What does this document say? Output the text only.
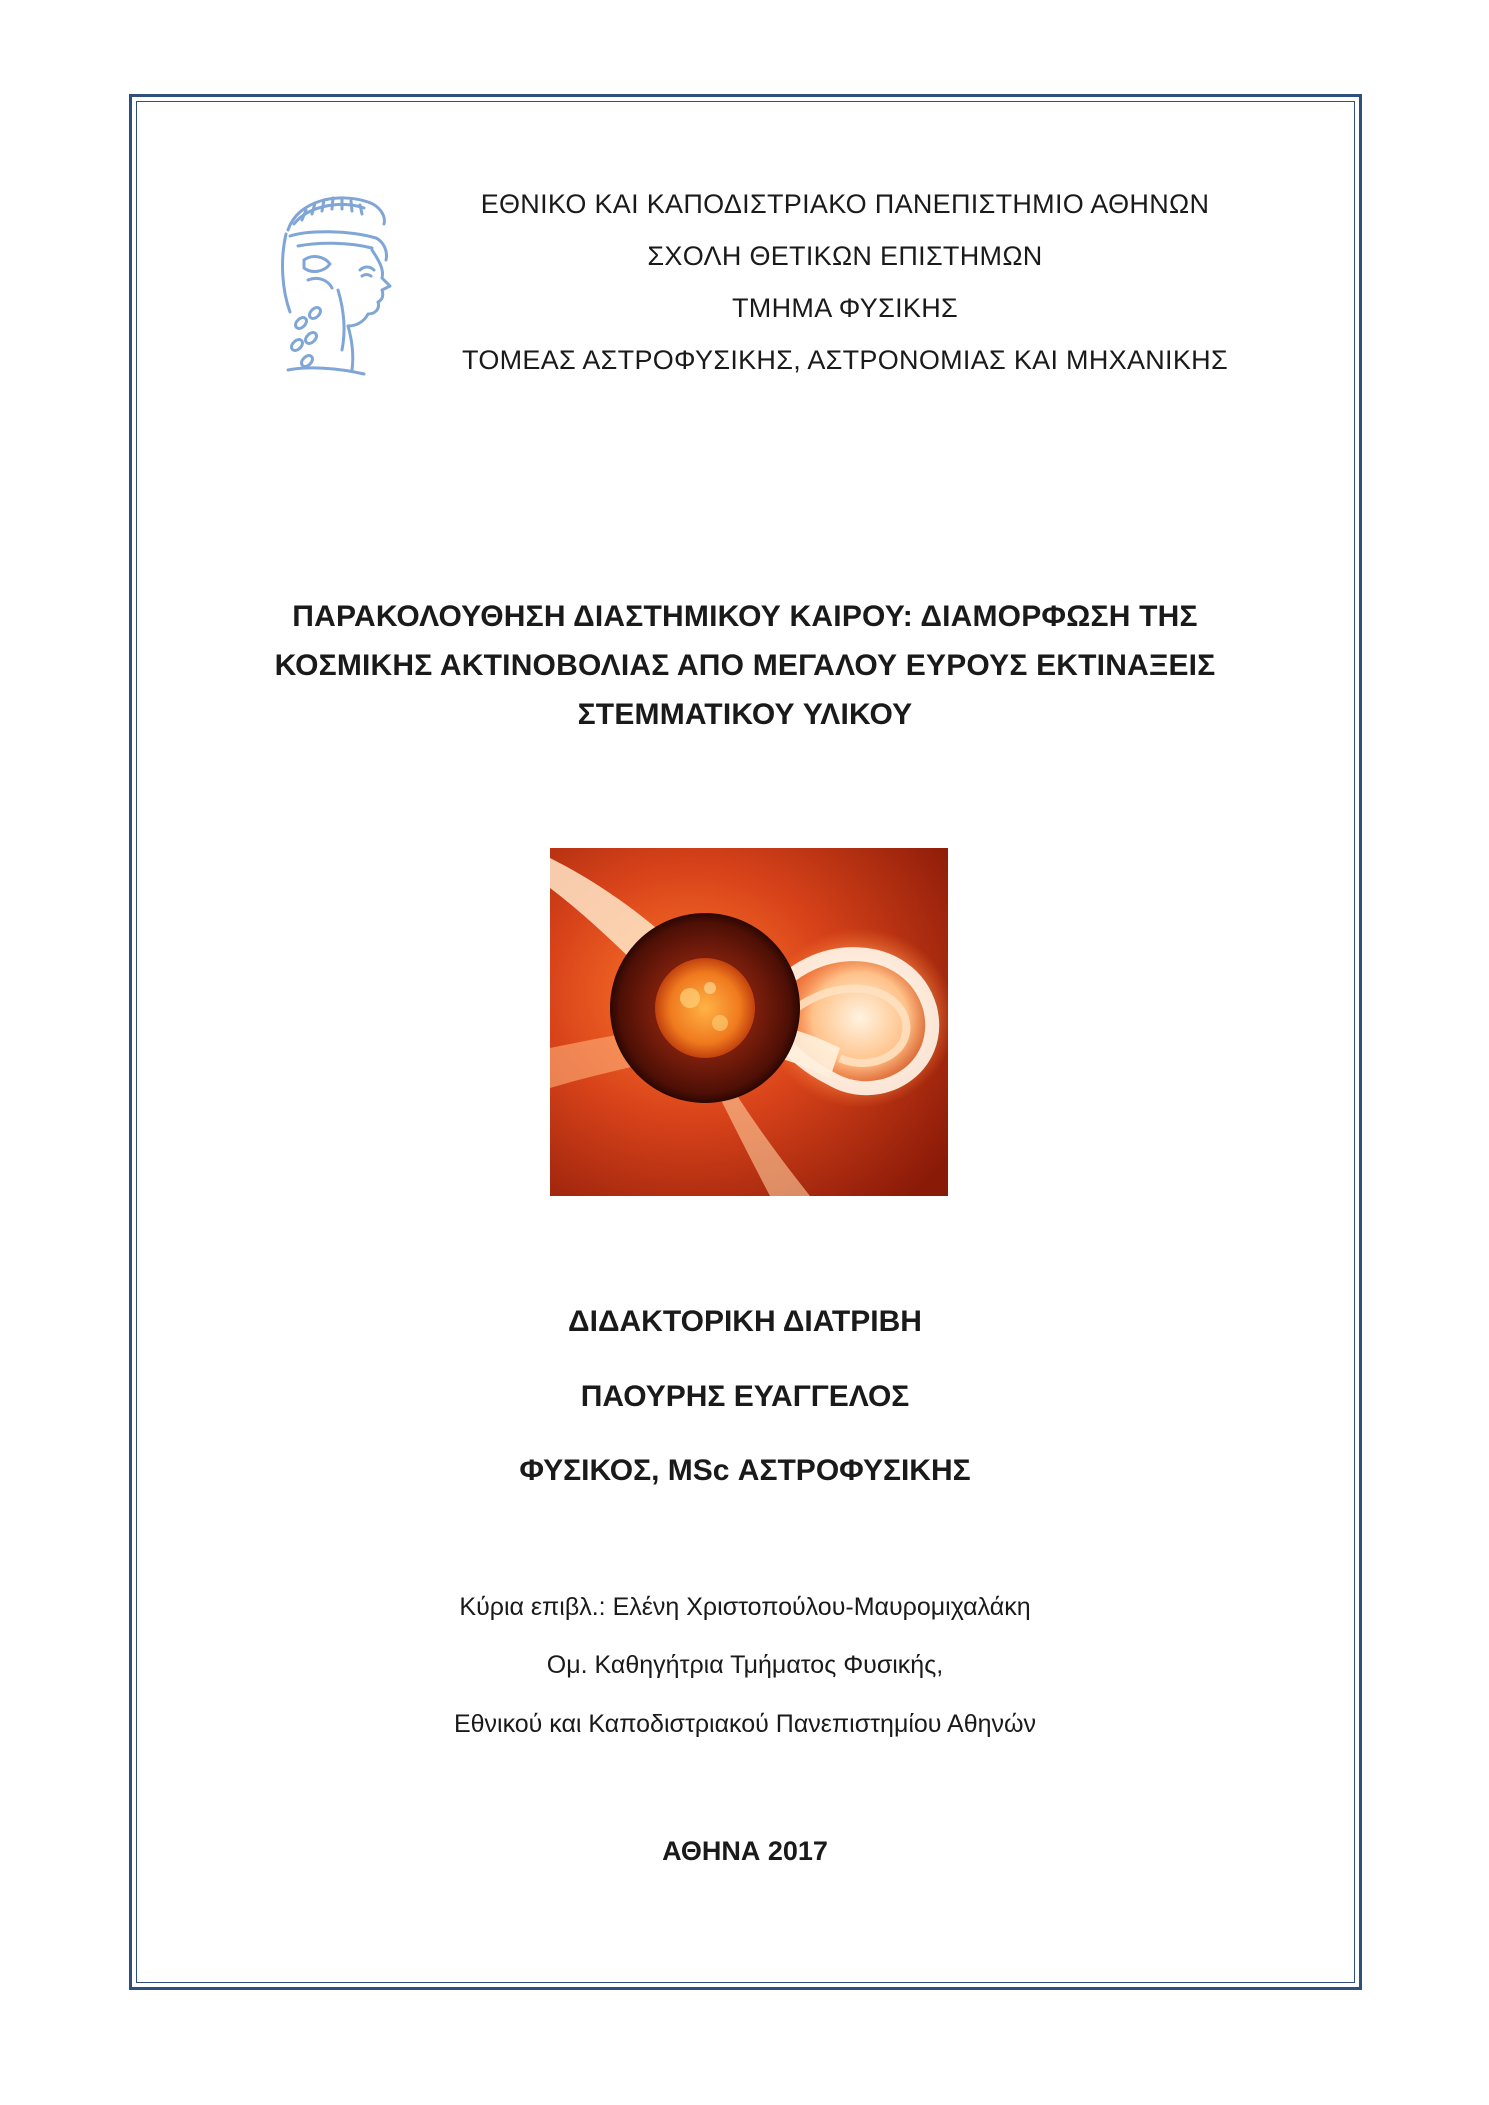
ΕΘΝΙΚΟ ΚΑΙ ΚΑΠΟΔΙΣΤΡΙΑΚΟ ΠΑΝΕΠΙΣΤΗΜΙΟ ΑΘΗΝΩΝ
ΣΧΟΛΗ ΘΕΤΙΚΩΝ ΕΠΙΣΤΗΜΩΝ
ΤΜΗΜΑ ΦΥΣΙΚΗΣ
ΤΟΜΕΑΣ ΑΣΤΡΟΦΥΣΙΚΗΣ, ΑΣΤΡΟΝΟΜΙΑΣ ΚΑΙ ΜΗΧΑΝΙΚΗΣ
ΠΑΡΑΚΟΛΟΥΘΗΣΗ ΔΙΑΣΤΗΜΙΚΟΥ ΚΑΙΡΟΥ: ΔΙΑΜΟΡΦΩΣΗ ΤΗΣ
ΚΟΣΜΙΚΗΣ ΑΚΤΙΝΟΒΟΛΙΑΣ ΑΠΟ ΜΕΓΑΛΟΥ ΕΥΡΟΥΣ ΕΚΤΙΝΑΞΕΙΣ
ΣΤΕΜΜΑΤΙΚΟΥ ΥΛΙΚΟΥ
ΔΙΔΑΚΤΟΡΙΚΗ ΔΙΑΤΡΙΒΗ
ΠΑΟΥΡΗΣ ΕΥΑΓΓΕΛΟΣ
ΦΥΣΙΚΟΣ, MSc ΑΣΤΡΟΦΥΣΙΚΗΣ
Κύρια επιβλ.: Ελένη Χριστοπούλου-Μαυρομιχαλάκη
Ομ. Καθηγήτρια Τμήματος Φυσικής,
Εθνικού και Καποδιστριακού Πανεπιστημίου Αθηνών
ΑΘΗΝΑ 2017
